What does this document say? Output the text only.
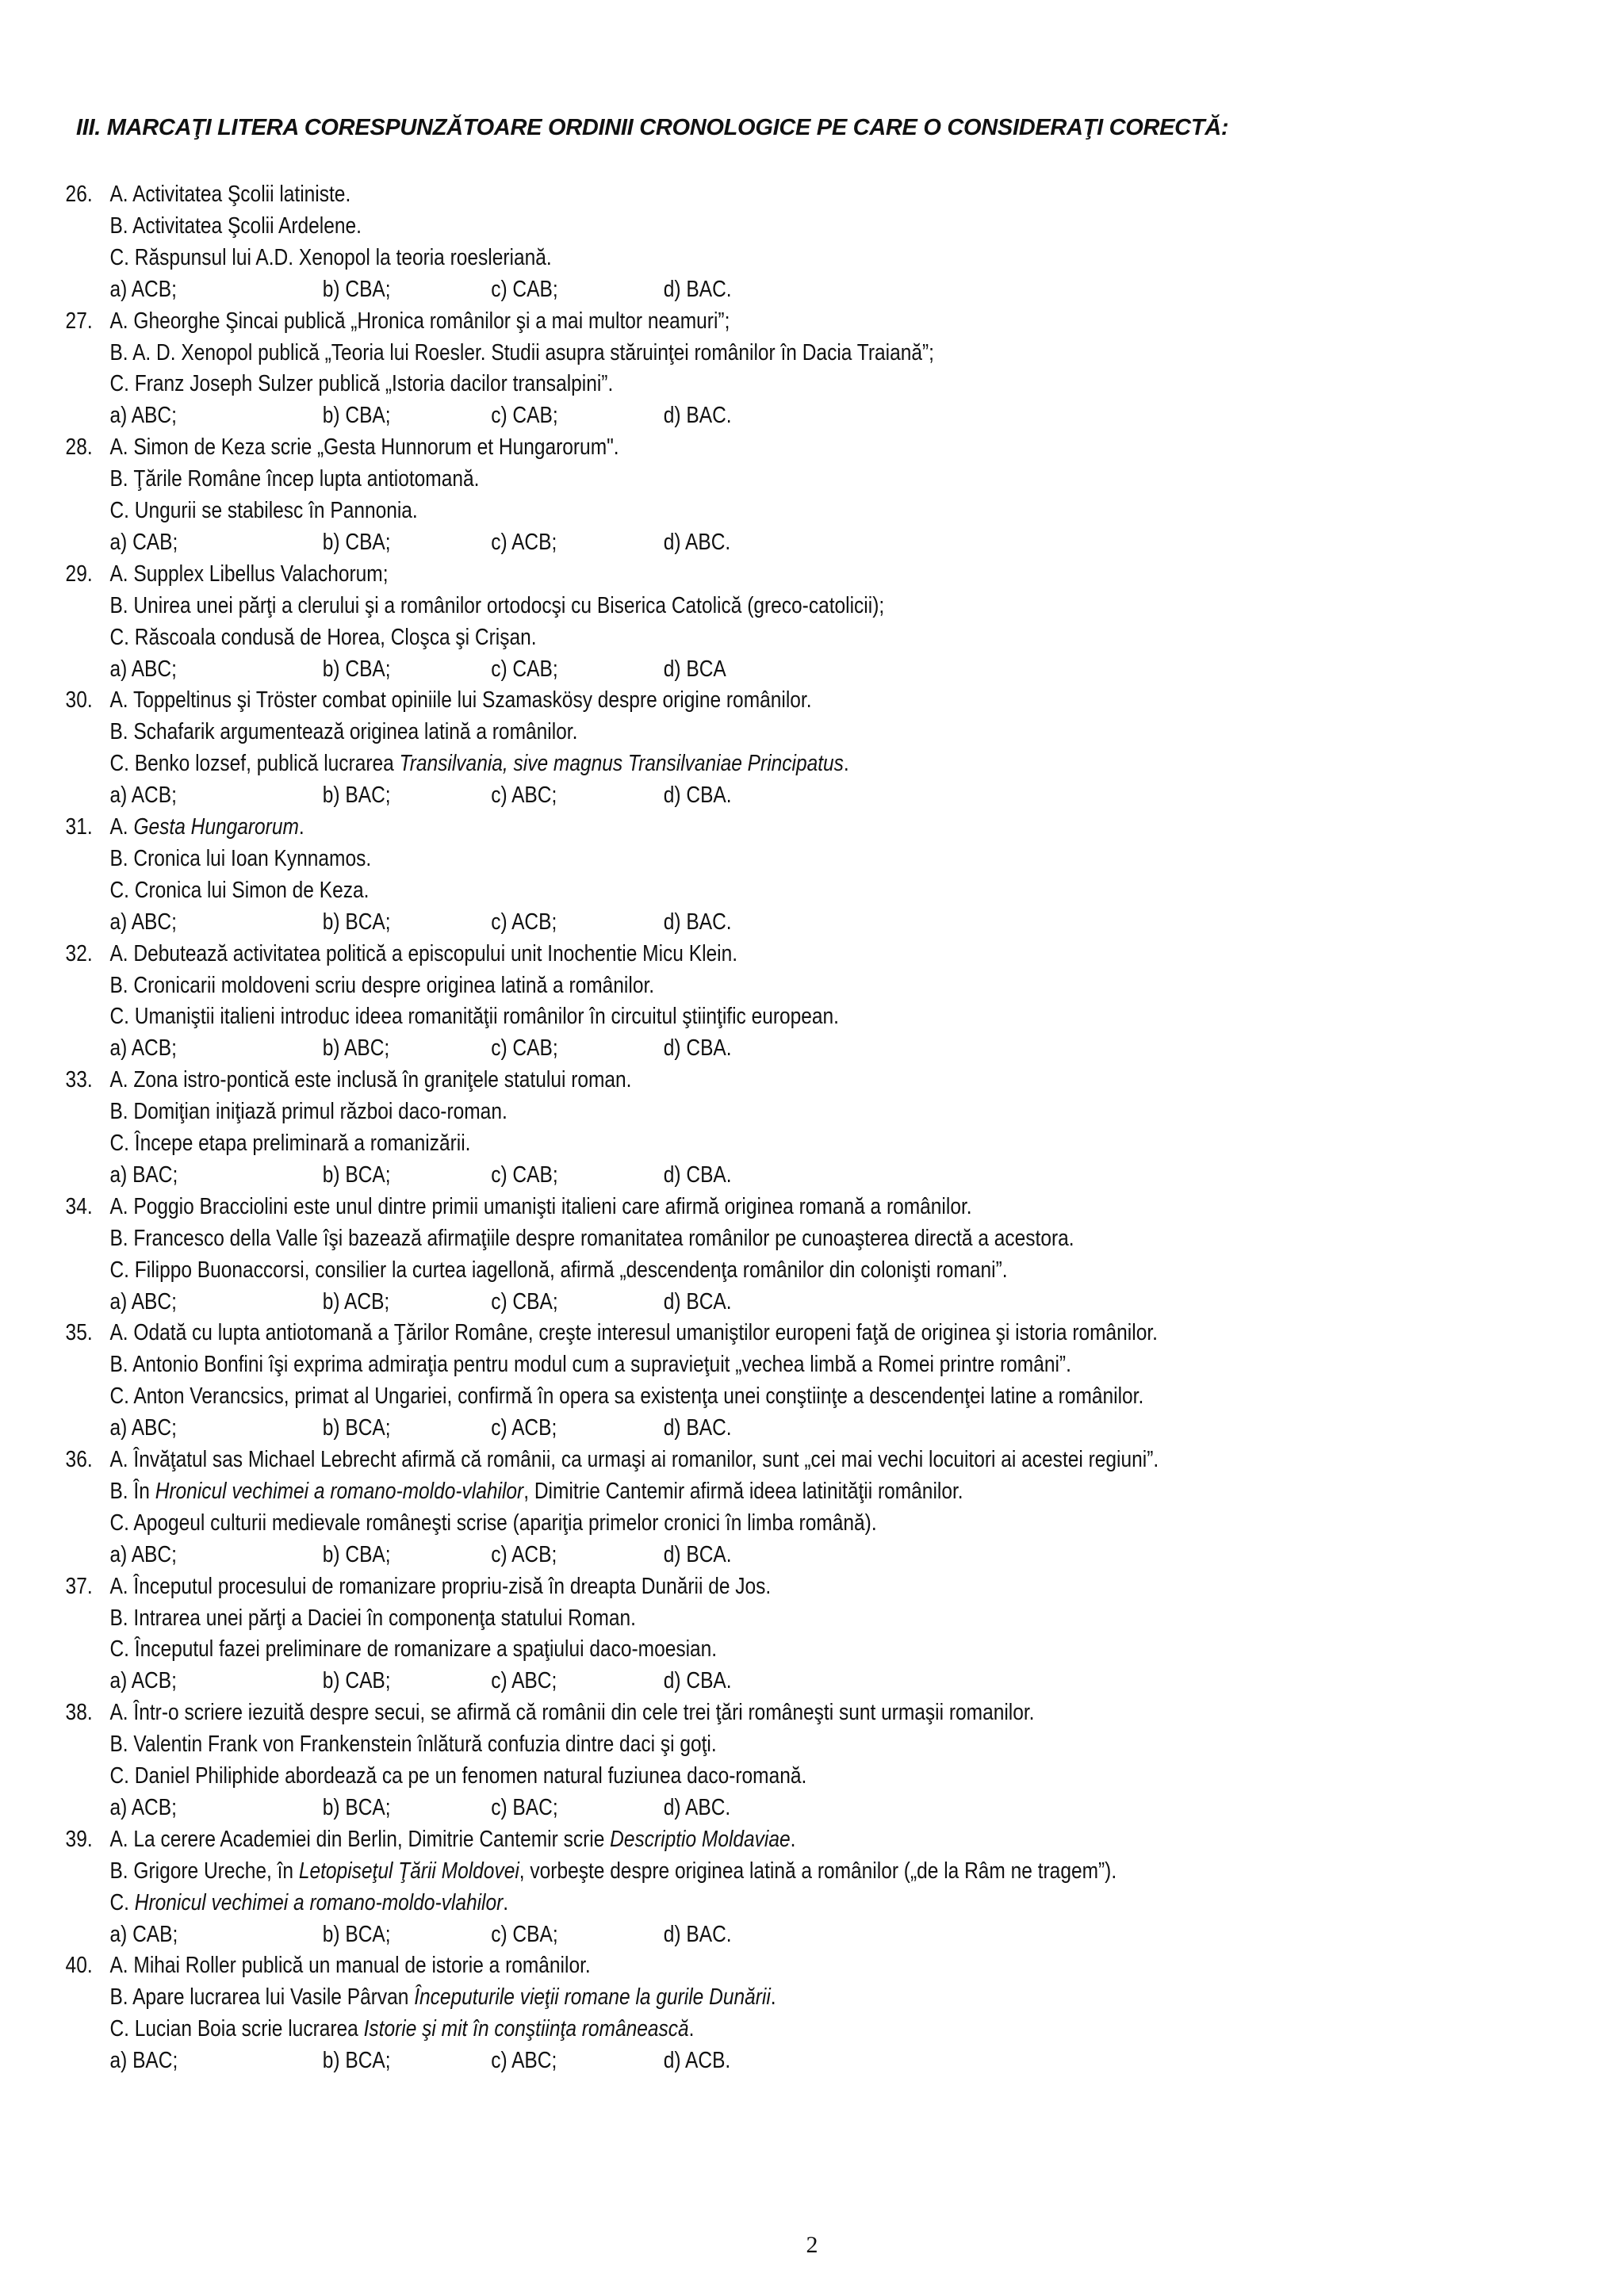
III. MARCAŢI LITERA CORESPUNZĂTOARE ORDINII CRONOLOGICE PE CARE O CONSIDERAŢI CORECTĂ:
26. A. Activitatea Şcolii latiniste.
B. Activitatea Şcolii Ardelene.
C. Răspunsul lui A.D. Xenopol la teoria roesleriană.
a) ACB;	b) CBA;	c) CAB;	d) BAC.
27. A. Gheorghe Şincai publică „Hronica românilor şi a mai multor neamuri”;
B. A. D. Xenopol publică „Teoria lui Roesler. Studii asupra stăruinţei românilor în Dacia Traiană”;
C. Franz Joseph Sulzer publică „Istoria dacilor transalpini”.
a) ABC;	b) CBA;	c) CAB;	d) BAC.
28. A. Simon de Keza scrie „Gesta Hunnorum et Hungarorum".
B. Ţările Române încep lupta antiotomană.
C. Ungurii se stabilesc în Pannonia.
a) CAB;	b) CBA;	c) ACB;	d) ABC.
29. A. Supplex Libellus Valachorum;
B. Unirea unei părţi a clerului şi a românilor ortodocşi cu Biserica Catolică (greco-catolicii);
C. Răscoala condusă de Horea, Cloşca şi Crişan.
a) ABC;	b) CBA;	c) CAB;	d) BCA
30. A. Toppeltinus şi Tröster combat opiniile lui Szamaskösy despre origine românilor.
B. Schafarik argumentează originea latină a românilor.
C. Benko lozsef, publică lucrarea Transilvania, sive magnus Transilvaniae Principatus.
a) ACB;	b) BAC;	c) ABC;	d) CBA.
31. A. Gesta Hungarorum.
B. Cronica lui Ioan Kynnamos.
C. Cronica lui Simon de Keza.
a) ABC;	b) BCA;	c) ACB;	d) BAC.
32. A. Debutează activitatea politică a episcopului unit Inochentie Micu Klein.
B. Cronicarii moldoveni scriu despre originea latină a românilor.
C. Umaniştii italieni introduc ideea romanităţii românilor în circuitul ştiinţific european.
a) ACB;	b) ABC;	c) CAB;	d) CBA.
33. A. Zona istro-pontică este inclusă în graniţele statului roman.
B. Domiţian iniţiază primul război daco-roman.
C. Începe etapa preliminară a romanizării.
a) BAC;	b) BCA;	c) CAB;	d) CBA.
34. A. Poggio Bracciolini este unul dintre primii umanişti italieni care afirmă originea romană a românilor.
B. Francesco della Valle îşi bazează afirmaţiile despre romanitatea românilor pe cunoaşterea directă a acestora.
C. Filippo Buonaccorsi, consilier la curtea iagellonă, afirmă „descendenţa românilor din colonişti romani”.
a) ABC;	b) ACB;	c) CBA;	d) BCA.
35. A. Odată cu lupta antiotomană a Ţărilor Române, creşte interesul umaniştilor europeni faţă de originea şi istoria românilor.
B. Antonio Bonfini îşi exprima admiraţia pentru modul cum a supravieţuit „vechea limbă a Romei printre români”.
C. Anton Verancsics, primat al Ungariei, confirmă în opera sa existenţa unei conştiinţe a descendenţei latine a românilor.
a) ABC;	b) BCA;	c) ACB;	d) BAC.
36. A. Învăţatul sas Michael Lebrecht afirmă că românii, ca urmaşi ai romanilor, sunt „cei mai vechi locuitori ai acestei regiuni”.
B. În Hronicul vechimei a romano-moldo-vlahilor, Dimitrie Cantemir afirmă ideea latinităţii românilor.
C. Apogeul culturii medievale româneşti scrise (apariţia primelor cronici în limba română).
a) ABC;	b) CBA;	c) ACB;	d) BCA.
37. A. Începutul procesului de romanizare propriu-zisă în dreapta Dunării de Jos.
B. Intrarea unei părţi a Daciei în componenţa statului Roman.
C. Începutul fazei preliminare de romanizare a spaţiului daco-moesian.
a) ACB;	b) CAB;	c) ABC;	d) CBA.
38. A. Într-o scriere iezuită despre secui, se afirmă că românii din cele trei ţări româneşti sunt urmaşii romanilor.
B. Valentin Frank von Frankenstein înlătură confuzia dintre daci şi goţi.
C. Daniel Philiphide abordează ca pe un fenomen natural fuziunea daco-romană.
a) ACB;	b) BCA;	c) BAC;	d) ABC.
39. A. La cerere Academiei din Berlin, Dimitrie Cantemir scrie Descriptio Moldaviae.
B. Grigore Ureche, în Letopiseţul Ţării Moldovei, vorbeşte despre originea latină a românilor („de la Râm ne tragem”).
C. Hronicul vechimei a romano-moldo-vlahilor.
a) CAB;	b) BCA;	c) CBA;	d) BAC.
40. A. Mihai Roller publică un manual de istorie a românilor.
B. Apare lucrarea lui Vasile Pârvan Începuturile vieţii romane la gurile Dunării.
C. Lucian Boia scrie lucrarea Istorie şi mit în conştiinţa românească.
a) BAC;	b) BCA;	c) ABC;	d) ACB.
2
